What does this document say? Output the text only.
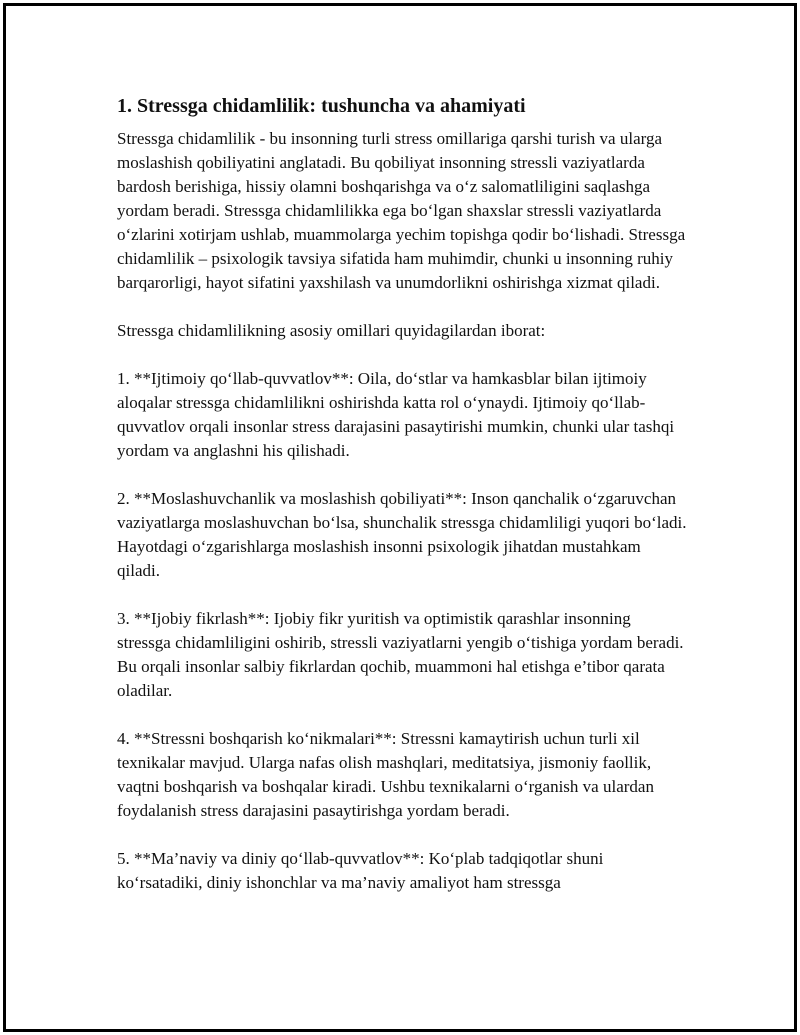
1. Stressga chidamlilik: tushuncha va ahamiyati

Stressga chidamlilik - bu insonning turli stress omillariga qarshi turish va ularga moslashish qobiliyatini anglatadi. Bu qobiliyat insonning stressli vaziyatlarda bardosh berishiga, hissiy olamni boshqarishga va o‘z salomatliligini saqlashga yordam beradi. Stressga chidamlilikka ega bo‘lgan shaxslar stressli vaziyatlarda o‘zlarini xotirjam ushlab, muammolarga yechim topishga qodir bo‘lishadi. Stressga chidamlilik – psixologik tavsiya sifatida ham muhimdir, chunki u insonning ruhiy barqarorligi, hayot sifatini yaxshilash va unumdorlikni oshirishga xizmat qiladi.

Stressga chidamlilikning asosiy omillari quyidagilardan iborat:

1. **Ijtimoiy qo‘llab-quvvatlov**: Oila, do‘stlar va hamkasblar bilan ijtimoiy aloqalar stressga chidamlilikni oshirishda katta rol o‘ynaydi. Ijtimoiy qo‘llab-quvvatlov orqali insonlar stress darajasini pasaytirishi mumkin, chunki ular tashqi yordam va anglashni his qilishadi.

2. **Moslashuvchanlik va moslashish qobiliyati**: Inson qanchalik o‘zgaruvchan vaziyatlarga moslashuvchan bo‘lsa, shunchalik stressga chidamliligi yuqori bo‘ladi. Hayotdagi o‘zgarishlarga moslashish insonni psixologik jihatdan mustahkam qiladi.

3. **Ijobiy fikrlash**: Ijobiy fikr yuritish va optimistik qarashlar insonning stressga chidamliligini oshirib, stressli vaziyatlarni yengib o‘tishiga yordam beradi. Bu orqali insonlar salbiy fikrlardan qochib, muammoni hal etishga e’tibor qarata oladilar.

4. **Stressni boshqarish ko‘nikmalari**: Stressni kamaytirish uchun turli xil texnikalar mavjud. Ularga nafas olish mashqlari, meditatsiya, jismoniy faollik, vaqtni boshqarish va boshqalar kiradi. Ushbu texnikalarni o‘rganish va ulardan foydalanish stress darajasini pasaytirishga yordam beradi.

5. **Ma’naviy va diniy qo‘llab-quvvatlov**: Ko‘plab tadqiqotlar shuni ko‘rsatadiki, diniy ishonchlar va ma’naviy amaliyot ham stressga
